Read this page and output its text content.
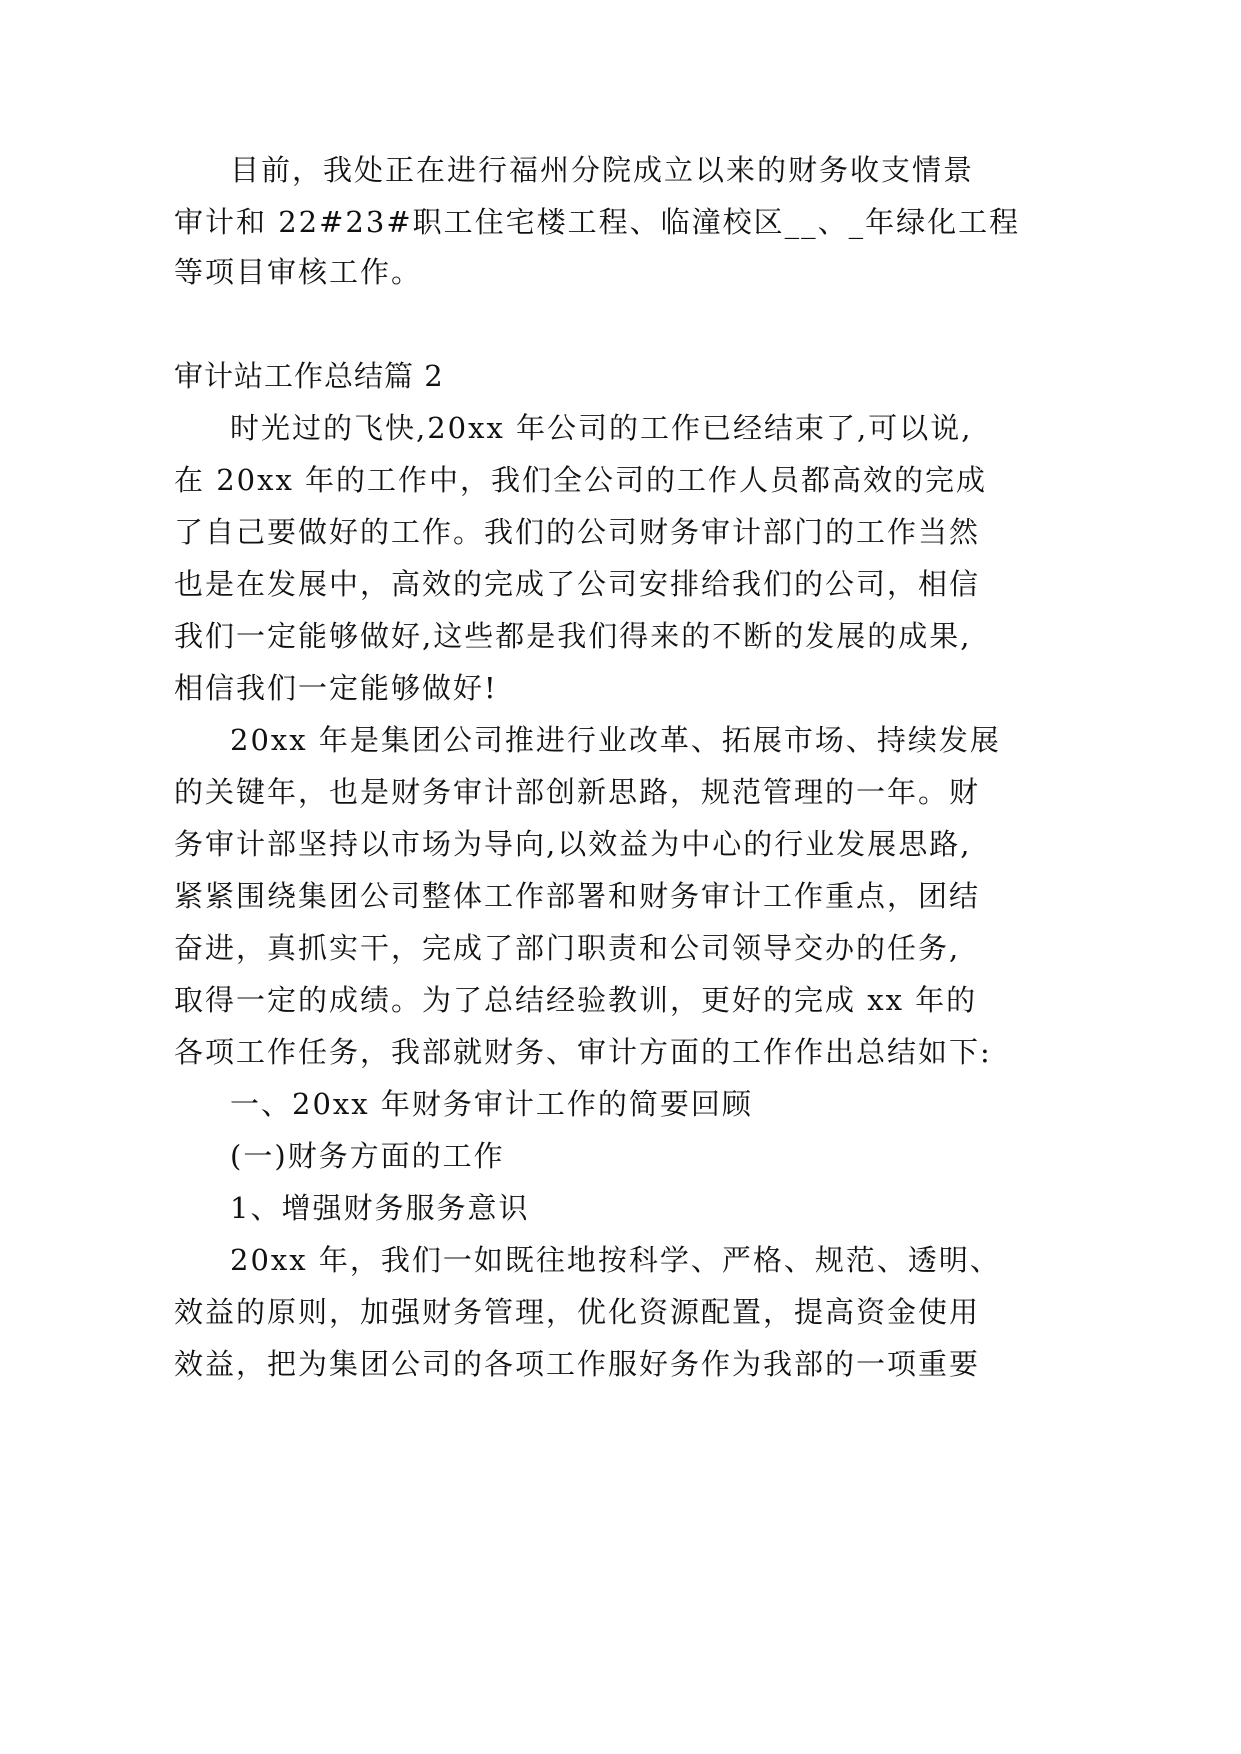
目前，我处正在进行福州分院成立以来的财务收支情景

审计和 22#23#职工住宅楼工程、临潼校区__、_年绿化工程

等项目审核工作。

审计站工作总结篇 2

时光过的飞快,20xx 年公司的工作已经结束了,可以说,

在 20xx 年的工作中，我们全公司的工作人员都高效的完成

了自己要做好的工作。我们的公司财务审计部门的工作当然

也是在发展中，高效的完成了公司安排给我们的公司，相信

我们一定能够做好,这些都是我们得来的不断的发展的成果,

相信我们一定能够做好!

20xx 年是集团公司推进行业改革、拓展市场、持续发展

的关键年，也是财务审计部创新思路，规范管理的一年。财

务审计部坚持以市场为导向,以效益为中心的行业发展思路,

紧紧围绕集团公司整体工作部署和财务审计工作重点，团结

奋进，真抓实干，完成了部门职责和公司领导交办的任务,

取得一定的成绩。为了总结经验教训，更好的完成 xx 年的

各项工作任务，我部就财务、审计方面的工作作出总结如下:

一、20xx 年财务审计工作的简要回顾

(一)财务方面的工作

1、增强财务服务意识

20xx 年，我们一如既往地按科学、严格、规范、透明、

效益的原则，加强财务管理，优化资源配置，提高资金使用

效益，把为集团公司的各项工作服好务作为我部的一项重要
